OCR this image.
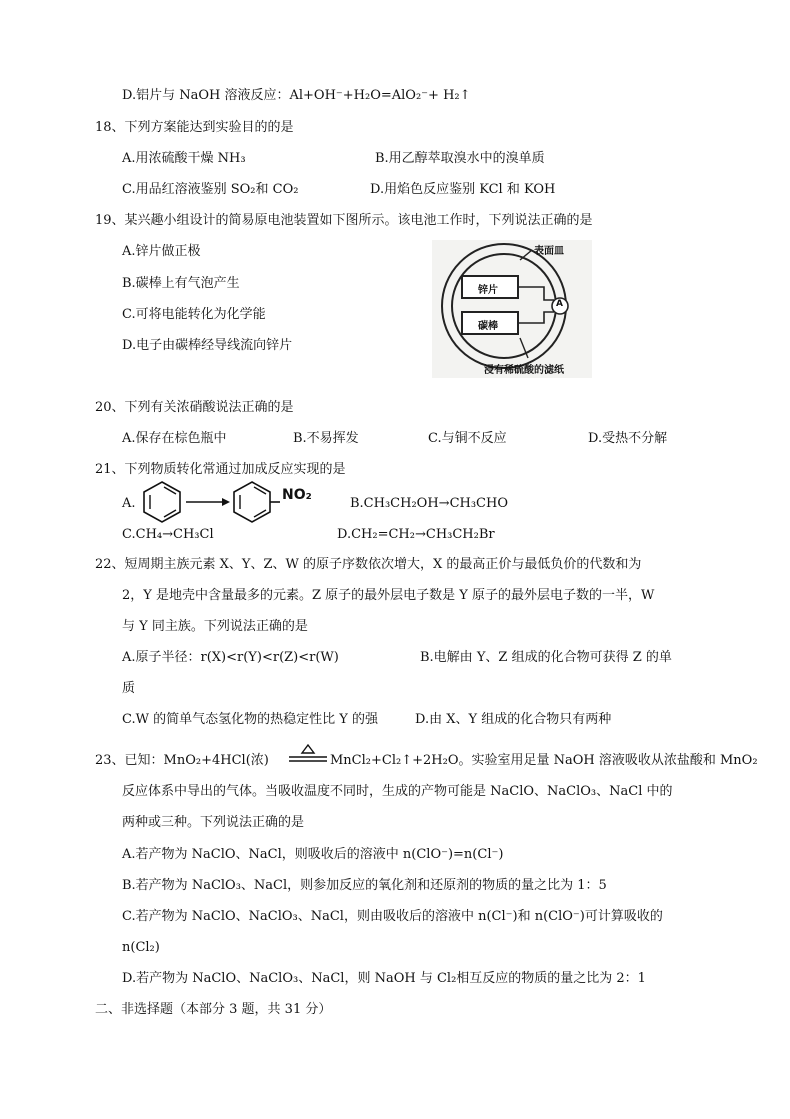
D.铝片与 NaOH 溶液反应：Al+OH⁻+H₂O=AlO₂⁻+ H₂↑
18、下列方案能达到实验目的的是
A.用浓硫酸干燥 NH₃	B.用乙醇萃取溴水中的溴单质
C.用品红溶液鉴别 SO₂和 CO₂	D.用焰色反应鉴别 KCl 和 KOH
19、某兴趣小组设计的简易原电池装置如下图所示。该电池工作时，下列说法正确的是
A.锌片做正极
B.碳棒上有气泡产生
C.可将电能转化为化学能
D.电子由碳棒经导线流向锌片
表面皿
锌片
碳棒
A
浸有稀硫酸的滤纸
20、下列有关浓硝酸说法正确的是
A.保存在棕色瓶中	B.不易挥发	C.与铜不反应	D.受热不分解
21、下列物质转化常通过加成反应实现的是
A.
NO₂
B.CH₃CH₂OH→CH₃CHO
C.CH₄→CH₃Cl	D.CH₂=CH₂→CH₃CH₂Br
22、短周期主族元素 X、Y、Z、W 的原子序数依次增大，X 的最高正价与最低负价的代数和为
2，Y 是地壳中含量最多的元素。Z 原子的最外层电子数是 Y 原子的最外层电子数的一半，W
与 Y 同主族。下列说法正确的是
A.原子半径：r(X)<r(Y)<r(Z)<r(W)	B.电解由 Y、Z 组成的化合物可获得 Z 的单
质
C.W 的简单气态氢化物的热稳定性比 Y 的强	D.由 X、Y 组成的化合物只有两种
23、已知：MnO₂+4HCl(浓)	MnCl₂+Cl₂↑+2H₂O。实验室用足量 NaOH 溶液吸收从浓盐酸和 MnO₂
反应体系中导出的气体。当吸收温度不同时，生成的产物可能是 NaClO、NaClO₃、NaCl 中的
两种或三种。下列说法正确的是
A.若产物为 NaClO、NaCl，则吸收后的溶液中 n(ClO⁻)=n(Cl⁻)
B.若产物为 NaClO₃、NaCl，则参加反应的氧化剂和还原剂的物质的量之比为 1：5
C.若产物为 NaClO、NaClO₃、NaCl，则由吸收后的溶液中 n(Cl⁻)和 n(ClO⁻)可计算吸收的
n(Cl₂)
D.若产物为 NaClO、NaClO₃、NaCl，则 NaOH 与 Cl₂相互反应的物质的量之比为 2：1
二、非选择题（本部分 3 题，共 31 分）
